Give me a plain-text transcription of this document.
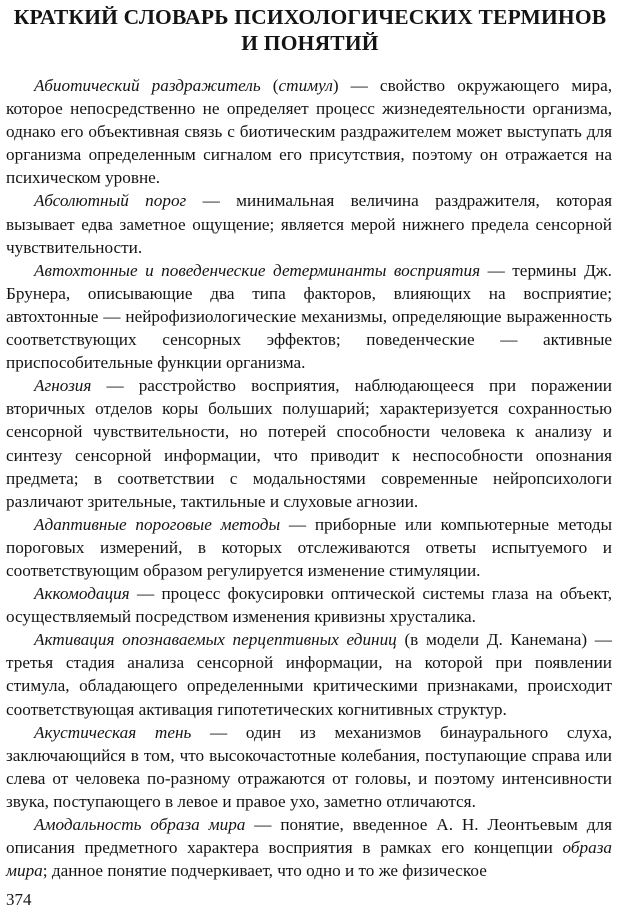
КРАТКИЙ СЛОВАРЬ ПСИХОЛОГИЧЕСКИХ ТЕРМИНОВ
И ПОНЯТИЙ

Абиотический раздражитель (стимул) — свойство окружающего мира, которое непосредственно не определяет процесс жизнедеятельности организма, однако его объективная связь с биотическим раздражителем может выступать для организма определенным сигналом его присутствия, поэтому он отражается на психическом уровне.

Абсолютный порог — минимальная величина раздражителя, которая вызывает едва заметное ощущение; является мерой нижнего предела сенсорной чувствительности.

Автохтонные и поведенческие детерминанты восприятия — термины Дж. Брунера, описывающие два типа факторов, влияющих на восприятие; автохтонные — нейрофизиологические механизмы, определяющие выраженность соответствующих сенсорных эффектов; поведенческие — активные приспособительные функции организма.

Агнозия — расстройство восприятия, наблюдающееся при поражении вторичных отделов коры больших полушарий; характеризуется сохранностью сенсорной чувствительности, но потерей способности человека к анализу и синтезу сенсорной информации, что приводит к неспособности опознания предмета; в соответствии с модальностями современные нейропсихологи различают зрительные, тактильные и слуховые агнозии.

Адаптивные пороговые методы — приборные или компьютерные методы пороговых измерений, в которых отслеживаются ответы испытуемого и соответствующим образом регулируется изменение стимуляции.

Аккомодация — процесс фокусировки оптической системы глаза на объект, осуществляемый посредством изменения кривизны хрусталика.

Активация опознаваемых перцептивных единиц (в модели Д. Канемана) — третья стадия анализа сенсорной информации, на которой при появлении стимула, обладающего определенными критическими признаками, происходит соответствующая активация гипотетических когнитивных структур.

Акустическая тень — один из механизмов бинаурального слуха, заключающийся в том, что высокочастотные колебания, поступающие справа или слева от человека по-разному отражаются от головы, и поэтому интенсивности звука, поступающего в левое и правое ухо, заметно отличаются.

Амодальность образа мира — понятие, введенное А. Н. Леонтьевым для описания предметного характера восприятия в рамках его концепции образа мира; данное понятие подчеркивает, что одно и то же физическое

374
